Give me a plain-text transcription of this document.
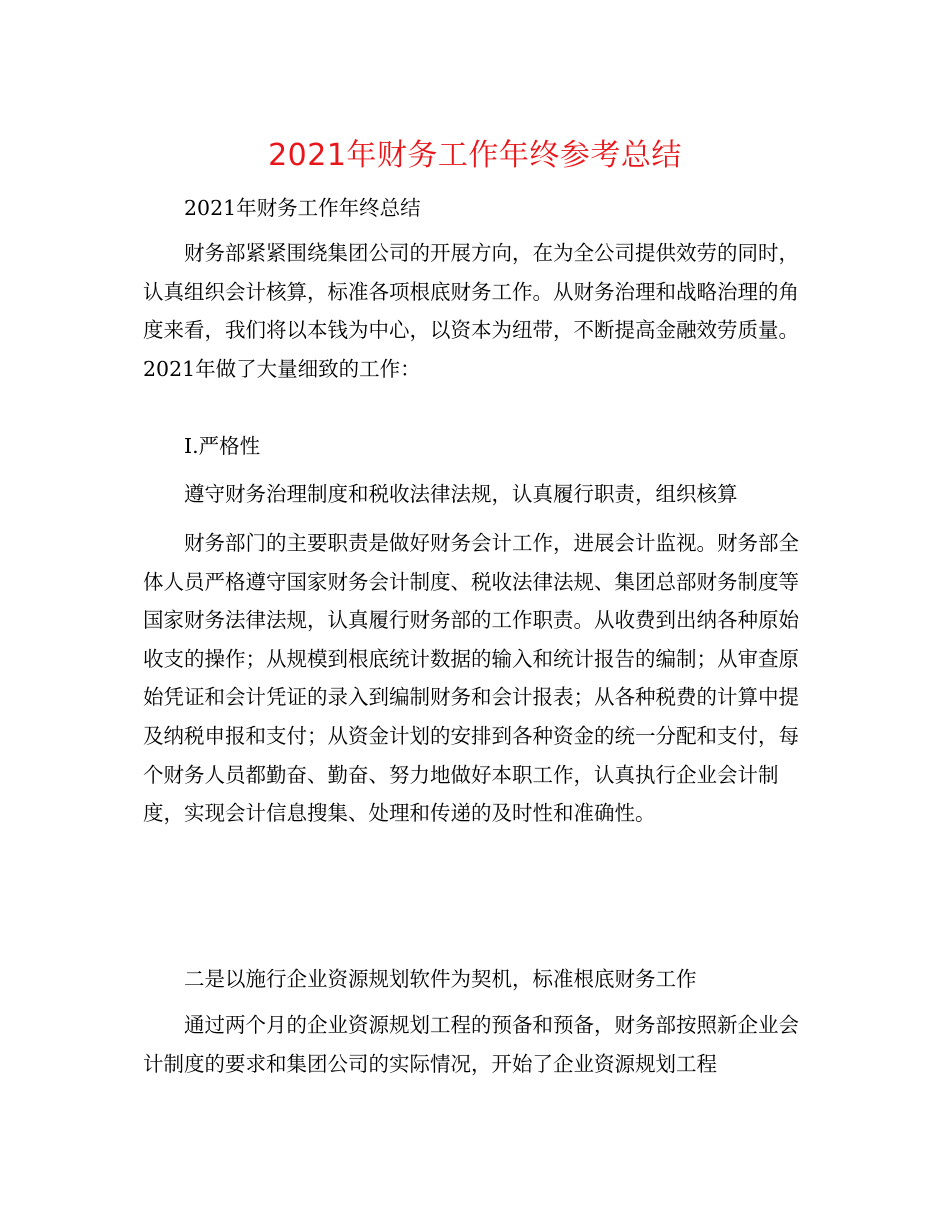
2021年财务工作年终参考总结

2021年财务工作年终总结

财务部紧紧围绕集团公司的开展方向，在为全公司提供效劳的同时，认真组织会计核算，标准各项根底财务工作。从财务治理和战略治理的角度来看，我们将以本钱为中心，以资本为纽带，不断提高金融效劳质量。2021年做了大量细致的工作：

Ⅰ.严格性

遵守财务治理制度和税收法律法规，认真履行职责，组织核算

财务部门的主要职责是做好财务会计工作，进展会计监视。财务部全体人员严格遵守国家财务会计制度、税收法律法规、集团总部财务制度等国家财务法律法规，认真履行财务部的工作职责。从收费到出纳各种原始收支的操作；从规模到根底统计数据的输入和统计报告的编制；从审查原始凭证和会计凭证的录入到编制财务和会计报表；从各种税费的计算中提及纳税申报和支付；从资金计划的安排到各种资金的统一分配和支付，每个财务人员都勤奋、勤奋、努力地做好本职工作，认真执行企业会计制度，实现会计信息搜集、处理和传递的及时性和准确性。

二是以施行企业资源规划软件为契机，标准根底财务工作

通过两个月的企业资源规划工程的预备和预备，财务部按照新企业会计制度的要求和集团公司的实际情况，开始了企业资源规划工程
